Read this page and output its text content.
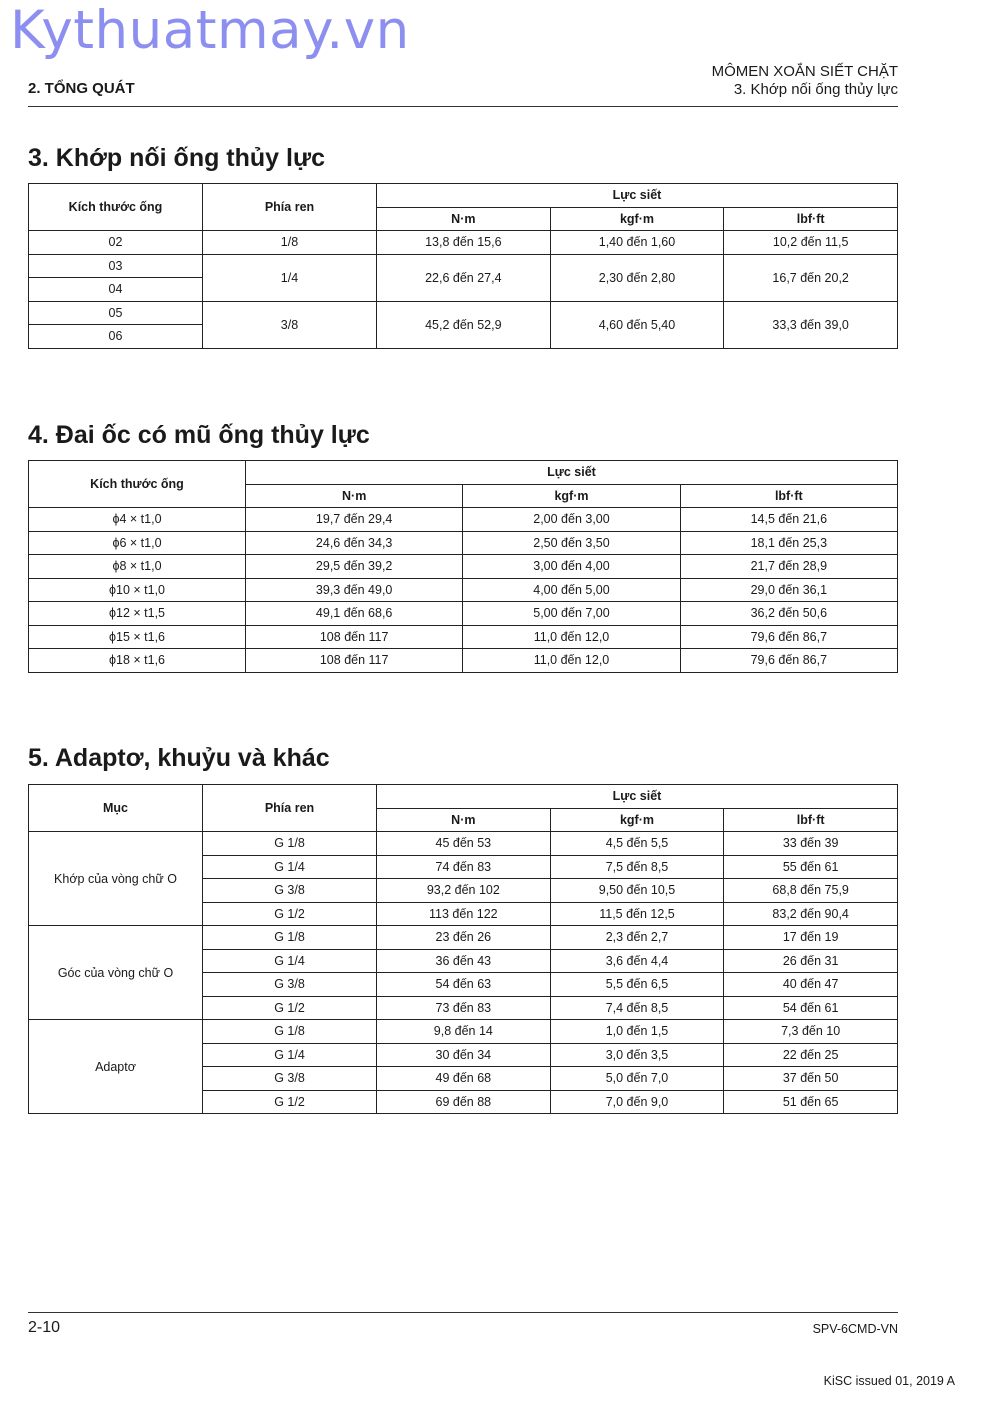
Kythuatmay.vn
2. TỔNG QUÁT
MÔMEN XOẮN SIẾT CHẶT
3. Khớp nối ống thủy lực
3. Khớp nối ống thủy lực
Kích thước ống	Phía ren	Lực siết		
		N·m	kgf·m	lbf·ft
02	1/8	13,8 đến 15,6	1,40 đến 1,60	10,2 đến 11,5
03	1/4	22,6 đến 27,4	2,30 đến 2,80	16,7 đến 20,2
04				
05	3/8	45,2 đến 52,9	4,60 đến 5,40	33,3 đến 39,0
06				
4. Đai ốc có mũ ống thủy lực
Kích thước ống	Lực siết		
	N·m	kgf·m	lbf·ft
ϕ4 × t1,0	19,7 đến 29,4	2,00 đến 3,00	14,5 đến 21,6
ϕ6 × t1,0	24,6 đến 34,3	2,50 đến 3,50	18,1 đến 25,3
ϕ8 × t1,0	29,5 đến 39,2	3,00 đến 4,00	21,7 đến 28,9
ϕ10 × t1,0	39,3 đến 49,0	4,00 đến 5,00	29,0 đến 36,1
ϕ12 × t1,5	49,1 đến 68,6	5,00 đến 7,00	36,2 đến 50,6
ϕ15 × t1,6	108 đến 117	11,0 đến 12,0	79,6 đến 86,7
ϕ18 × t1,6	108 đến 117	11,0 đến 12,0	79,6 đến 86,7
5. Adaptơ, khuỷu và khác
Mục	Phía ren	Lực siết		
		N·m	kgf·m	lbf·ft
Khớp của vòng chữ O	G 1/8	45 đến 53	4,5 đến 5,5	33 đến 39
	G 1/4	74 đến 83	7,5 đến 8,5	55 đến 61
	G 3/8	93,2 đến 102	9,50 đến 10,5	68,8 đến 75,9
	G 1/2	113 đến 122	11,5 đến 12,5	83,2 đến 90,4
Góc của vòng chữ O	G 1/8	23 đến 26	2,3 đến 2,7	17 đến 19
	G 1/4	36 đến 43	3,6 đến 4,4	26 đến 31
	G 3/8	54 đến 63	5,5 đến 6,5	40 đến 47
	G 1/2	73 đến 83	7,4 đến 8,5	54 đến 61
Adaptơ	G 1/8	9,8 đến 14	1,0 đến 1,5	7,3 đến 10
	G 1/4	30 đến 34	3,0 đến 3,5	22 đến 25
	G 3/8	49 đến 68	5,0 đến 7,0	37 đến 50
	G 1/2	69 đến 88	7,0 đến 9,0	51 đến 65
2-10	SPV-6CMD-VN
KiSC issued 01, 2019 A
